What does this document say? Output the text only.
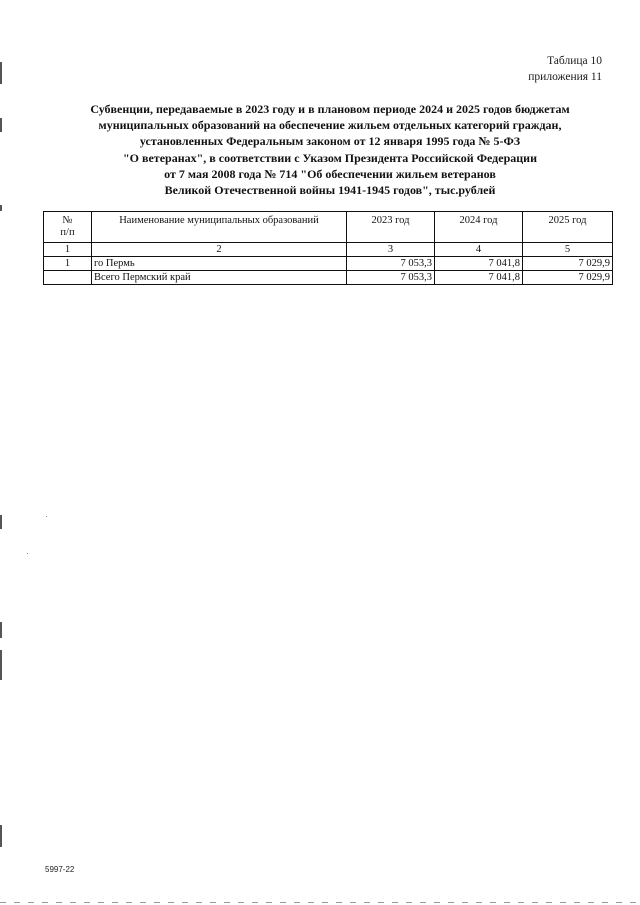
Таблица 10
приложения 11
Субвенции, передаваемые в 2023 году и в плановом периоде 2024 и 2025 годов бюджетам
муниципальных образований на обеспечение жильем отдельных категорий граждан,
установленных Федеральным законом от 12 января 1995 года № 5-ФЗ
"О ветеранах", в соответствии с Указом Президента Российской Федерации
от 7 мая 2008 года № 714 "Об обеспечении жильем ветеранов
Великой Отечественной войны 1941-1945 годов", тыс.рублей
№
п/п	Наименование муниципальных образований	2023 год	2024 год	2025 год
1	2	3	4	5
1	го Пермь	7 053,3	7 041,8	7 029,9
	Всего Пермский край	7 053,3	7 041,8	7 029,9
5997-22
